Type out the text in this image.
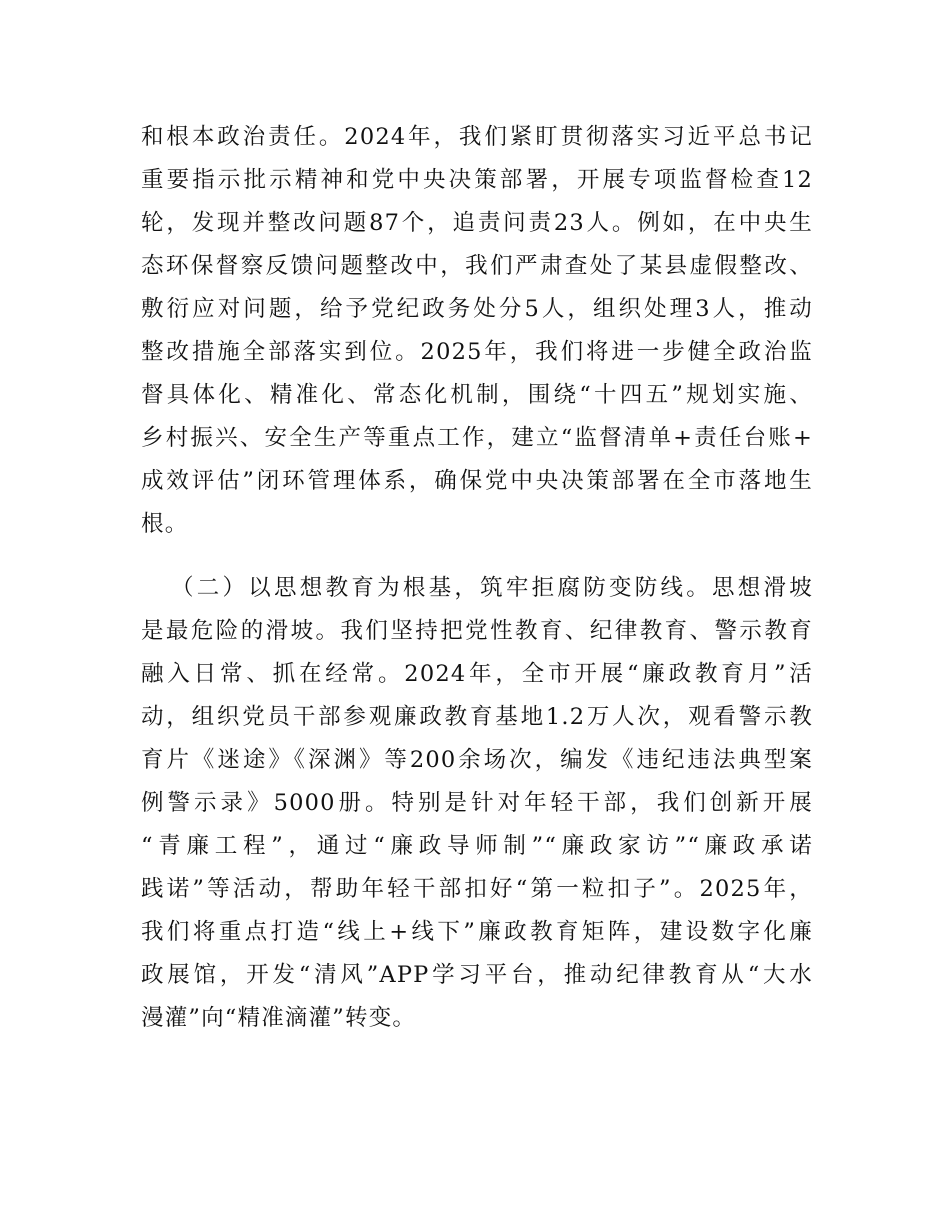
和根本政治责任。2024年，我们紧盯贯彻落实习近平总书记
重要指示批示精神和党中央决策部署，开展专项监督检查12
轮，发现并整改问题87个，追责问责23人。例如，在中央生
态环保督察反馈问题整改中，我们严肃查处了某县虚假整改、
敷衍应对问题，给予党纪政务处分5人，组织处理3人，推动
整改措施全部落实到位。2025年，我们将进一步健全政治监
督具体化、精准化、常态化机制，围绕“十四五”规划实施、
乡村振兴、安全生产等重点工作，建立“监督清单+责任台账+
成效评估”闭环管理体系，确保党中央决策部署在全市落地生
根。
（二）以思想教育为根基，筑牢拒腐防变防线。思想滑坡
是最危险的滑坡。我们坚持把党性教育、纪律教育、警示教育
融入日常、抓在经常。2024年，全市开展“廉政教育月”活
动，组织党员干部参观廉政教育基地1.2万人次，观看警示教
育片《迷途》《深渊》等200余场次，编发《违纪违法典型案
例警示录》5000册。特别是针对年轻干部，我们创新开展
“青廉工程”，通过“廉政导师制”“廉政家访”“廉政承诺
践诺”等活动，帮助年轻干部扣好“第一粒扣子”。2025年，
我们将重点打造“线上+线下”廉政教育矩阵，建设数字化廉
政展馆，开发“清风”APP学习平台，推动纪律教育从“大水
漫灌”向“精准滴灌”转变。
